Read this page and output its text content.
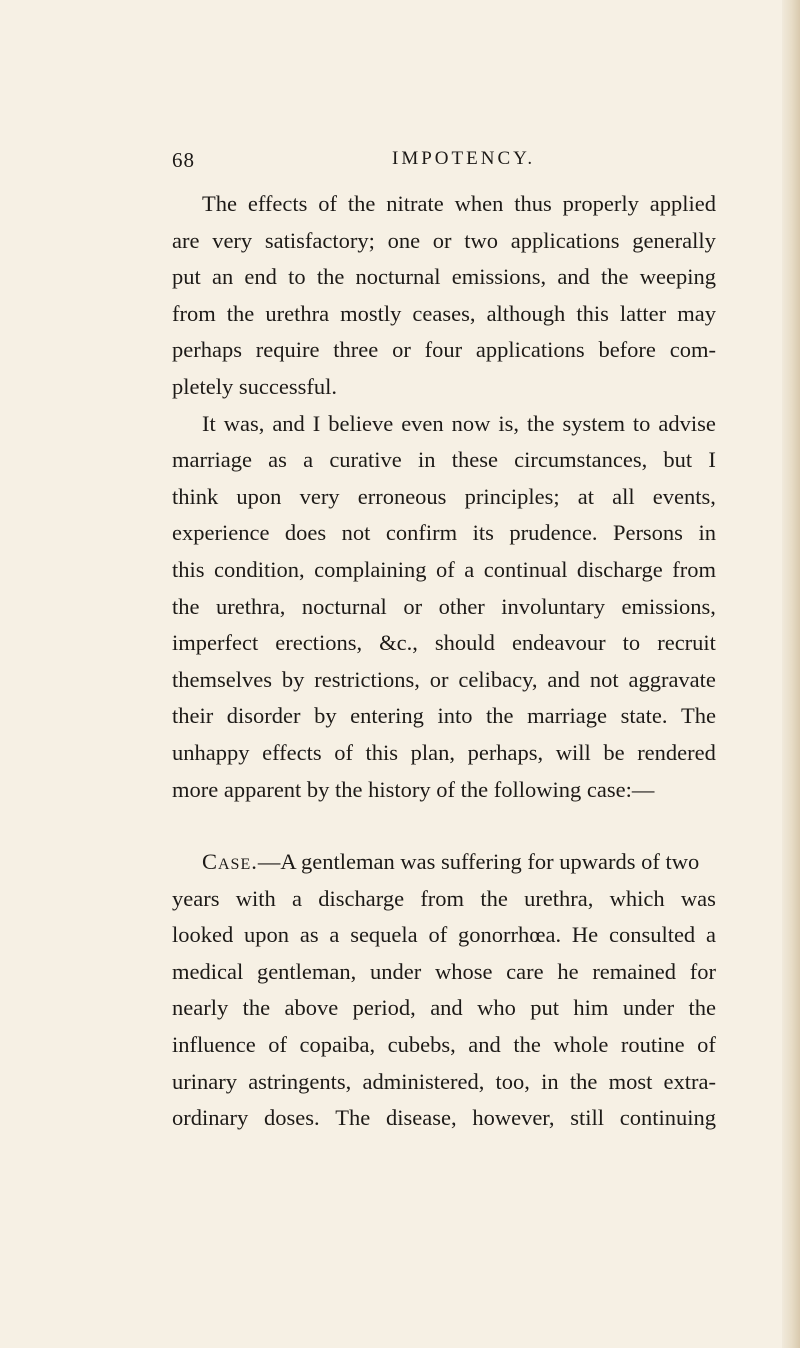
68	IMPOTENCY.
The effects of the nitrate when thus properly applied
are very satisfactory; one or two applications generally
put an end to the nocturnal emissions, and the weeping
from the urethra mostly ceases, although this latter may
perhaps require three or four applications before com-
pletely successful.
It was, and I believe even now is, the system to advise
marriage as a curative in these circumstances, but I
think upon very erroneous principles; at all events,
experience does not confirm its prudence. Persons in
this condition, complaining of a continual discharge from
the urethra, nocturnal or other involuntary emissions,
imperfect erections, &c., should endeavour to recruit
themselves by restrictions, or celibacy, and not aggravate
their disorder by entering into the marriage state. The
unhappy effects of this plan, perhaps, will be rendered
more apparent by the history of the following case:—
Case. —A gentleman was suffering for upwards of two
years with a discharge from the urethra, which was
looked upon as a sequela of gonorrhœa. He consulted a
medical gentleman, under whose care he remained for
nearly the above period, and who put him under the
influence of copaiba, cubebs, and the whole routine of
urinary astringents, administered, too, in the most extra-
ordinary doses. The disease, however, still continuing
